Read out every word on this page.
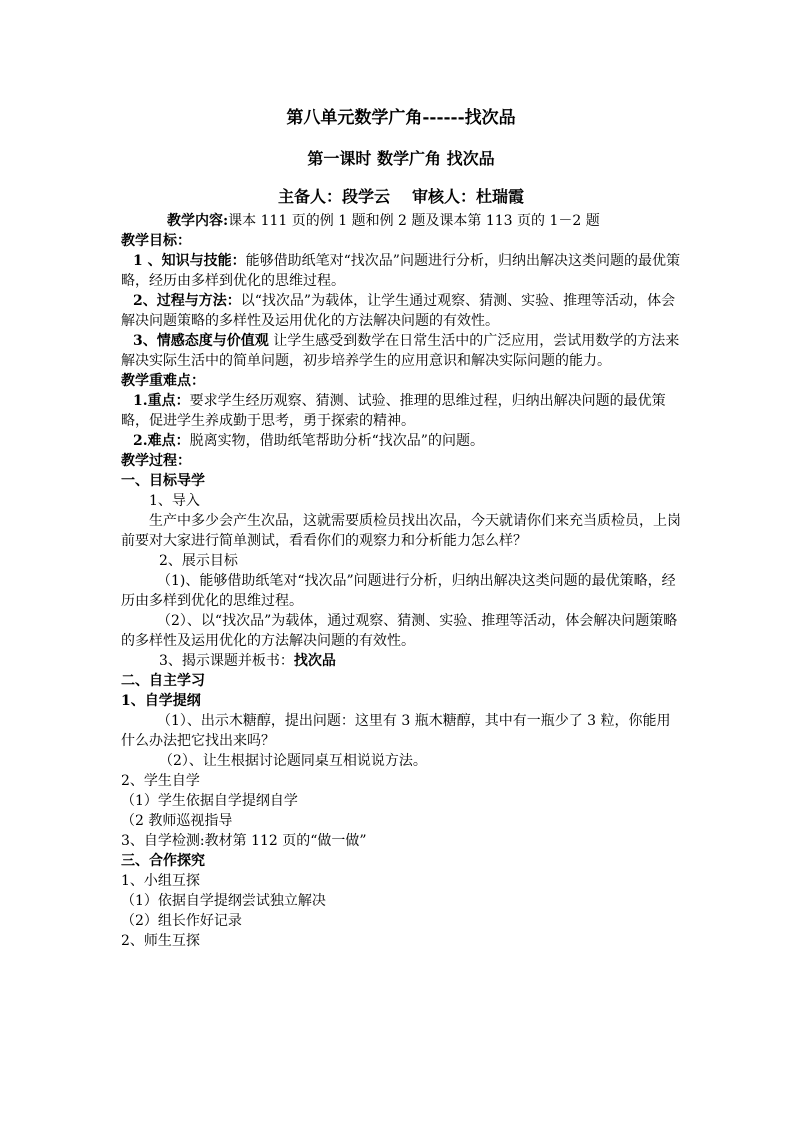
第八单元数学广角------找次品
第一课时 数学广角 找次品
主备人：段学云 审核人：杜瑞霞

教学内容:课本 111 页的例 1 题和例 2 题及课本第 113 页的 1－2 题

教学目标：

1 、知识与技能：能够借助纸笔对“找次品”问题进行分析，归纳出解决这类问题的最优策略，经历由多样到优化的思维过程。

2、过程与方法：以“找次品”为载体，让学生通过观察、猜测、实验、推理等活动，体会解决问题策略的多样性及运用优化的方法解决问题的有效性。

3、情感态度与价值观 让学生感受到数学在日常生活中的广泛应用，尝试用数学的方法来解决实际生活中的简单问题，初步培养学生的应用意识和解决实际问题的能力。

教学重难点：

1.重点：要求学生经历观察、猜测、试验、推理的思维过程，归纳出解决问题的最优策略，促进学生养成勤于思考，勇于探索的精神。

2.难点：脱离实物，借助纸笔帮助分析“找次品”的问题。

教学过程：

一、目标导学

1、导入

生产中多少会产生次品，这就需要质检员找出次品，今天就请你们来充当质检员，上岗前要对大家进行简单测试，看看你们的观察力和分析能力怎么样？

2、展示目标

（1)、能够借助纸笔对“找次品”问题进行分析，归纳出解决这类问题的最优策略，经历由多样到优化的思维过程。

（2）、以“找次品”为载体，通过观察、猜测、实验、推理等活动，体会解决问题策略的多样性及运用优化的方法解决问题的有效性。

3、揭示课题并板书：找次品

二、自主学习

1、自学提纲

（1）、出示木糖醇，提出问题：这里有 3 瓶木糖醇，其中有一瓶少了 3 粒，你能用什么办法把它找出来吗？

（2）、让生根据讨论题同桌互相说说方法。

2、学生自学

（1）学生依据自学提纲自学

（2 教师巡视指导

3、自学检测:教材第 112 页的“做一做”

三、合作探究

1、小组互探

（1）依据自学提纲尝试独立解决

（2）组长作好记录

2、师生互探
